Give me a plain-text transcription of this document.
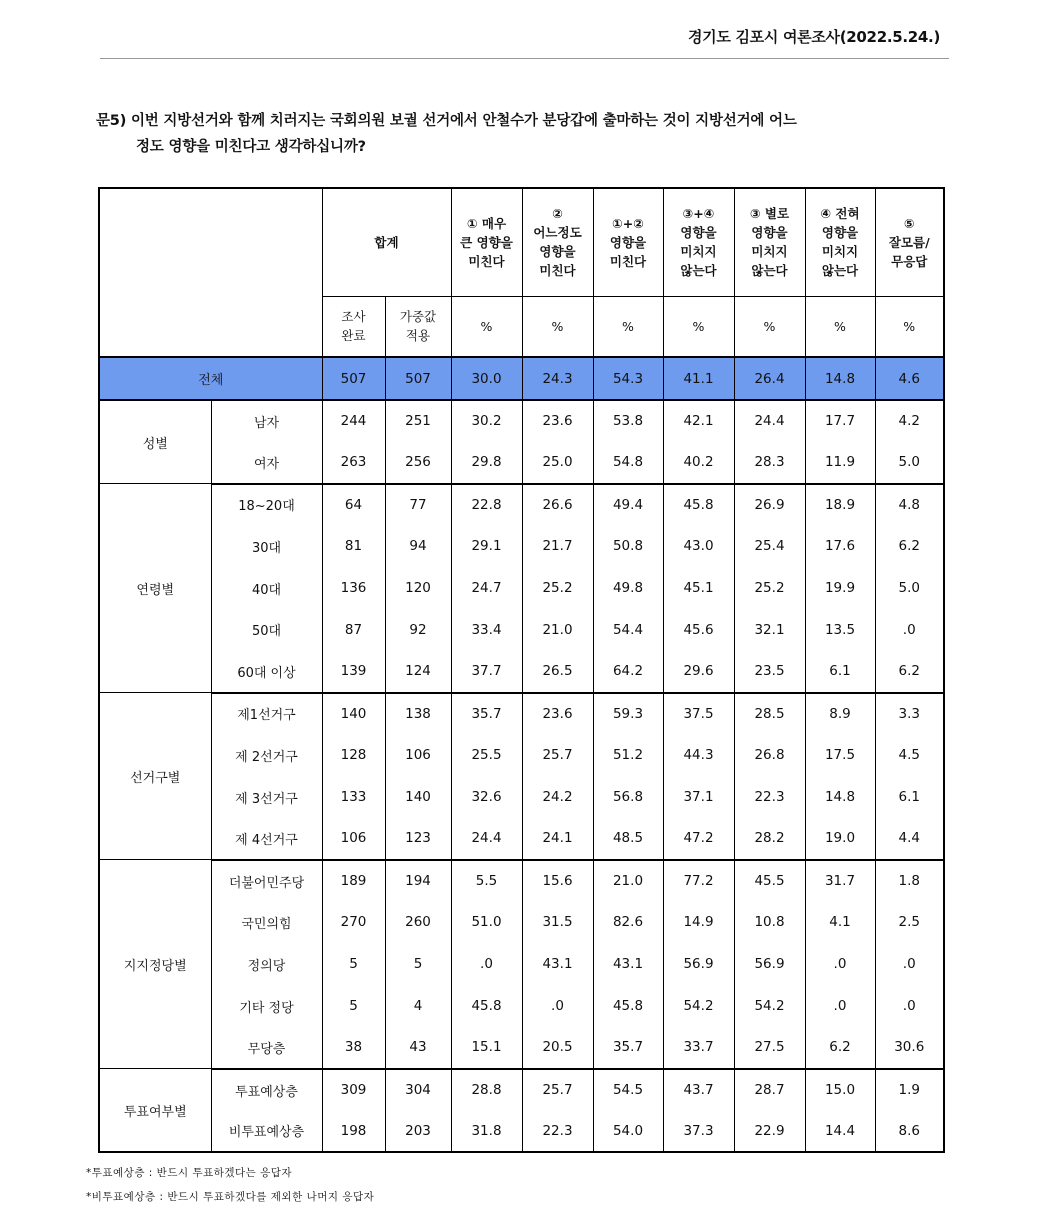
경기도 김포시 여론조사(2022.5.24.)
문5) 이번 지방선거와 함께 치러지는 국회의원 보궐 선거에서 안철수가 분당갑에 출마하는 것이 지방선거에 어느
정도 영향을 미친다고 생각하십니까?
		합계		① 매우
큰 영향을
미친다	②
어느정도
영향을
미친다	①+②
영향을
미친다	③+④
영향을
미치지
않는다	③ 별로
영향을
미치지
않는다	④ 전혀
영향을
미치지
않는다	⑤
잘모름/
무응답
		조사
완료	가중값
적용	%	%	%	%	%	%	%
전체		507	507	30.0	24.3	54.3	41.1	26.4	14.8	4.6
성별	남자	244	251	30.2	23.6	53.8	42.1	24.4	17.7	4.2
	여자	263	256	29.8	25.0	54.8	40.2	28.3	11.9	5.0
연령별	18~20대	64	77	22.8	26.6	49.4	45.8	26.9	18.9	4.8
	30대	81	94	29.1	21.7	50.8	43.0	25.4	17.6	6.2
	40대	136	120	24.7	25.2	49.8	45.1	25.2	19.9	5.0
	50대	87	92	33.4	21.0	54.4	45.6	32.1	13.5	.0
	60대 이상	139	124	37.7	26.5	64.2	29.6	23.5	6.1	6.2
선거구별	제1선거구	140	138	35.7	23.6	59.3	37.5	28.5	8.9	3.3
	제 2선거구	128	106	25.5	25.7	51.2	44.3	26.8	17.5	4.5
	제 3선거구	133	140	32.6	24.2	56.8	37.1	22.3	14.8	6.1
	제 4선거구	106	123	24.4	24.1	48.5	47.2	28.2	19.0	4.4
지지정당별	더불어민주당	189	194	5.5	15.6	21.0	77.2	45.5	31.7	1.8
	국민의힘	270	260	51.0	31.5	82.6	14.9	10.8	4.1	2.5
	정의당	5	5	.0	43.1	43.1	56.9	56.9	.0	.0
	기타 정당	5	4	45.8	.0	45.8	54.2	54.2	.0	.0
	무당층	38	43	15.1	20.5	35.7	33.7	27.5	6.2	30.6
투표여부별	투표예상층	309	304	28.8	25.7	54.5	43.7	28.7	15.0	1.9
	비투표예상층	198	203	31.8	22.3	54.0	37.3	22.9	14.4	8.6
*투표예상층 : 반드시 투표하겠다는 응답자
*비투표예상층 : 반드시 투표하겠다를 제외한 나머지 응답자
